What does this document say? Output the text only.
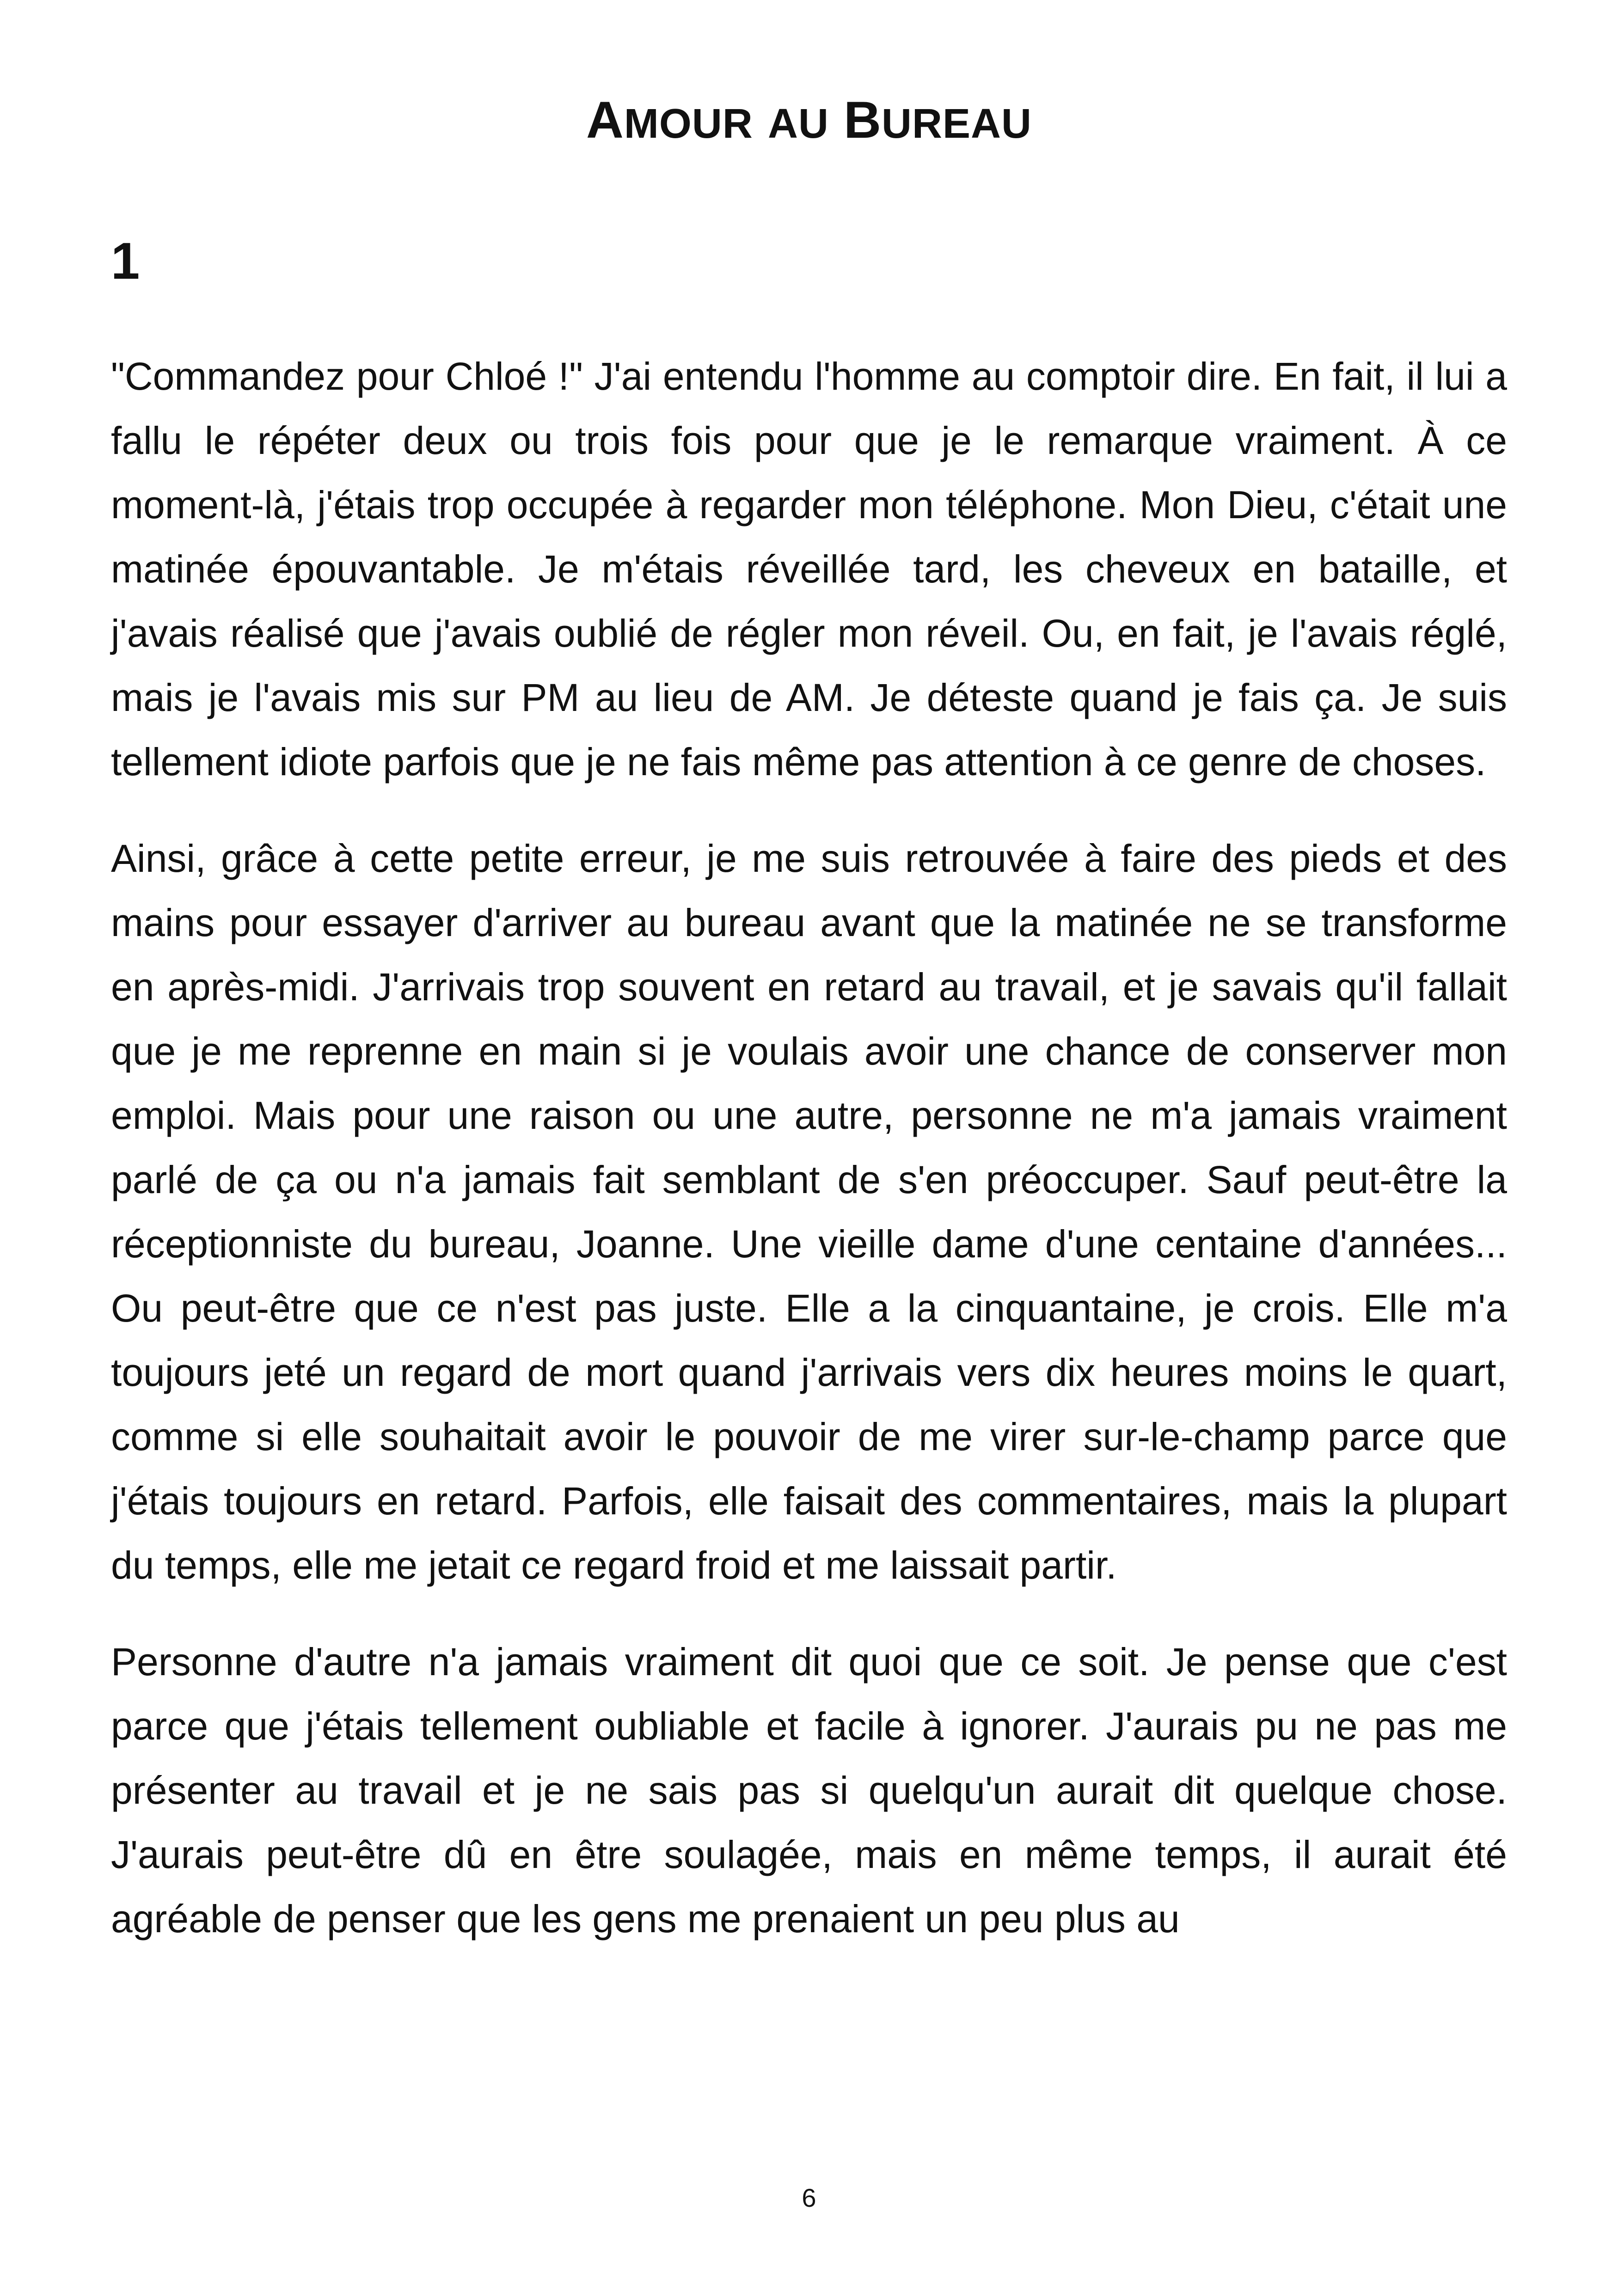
AMOUR AU BUREAU
1

"Commandez pour Chloé !" J'ai entendu l'homme au comptoir dire. En fait, il lui a fallu le répéter deux ou trois fois pour que je le remarque vraiment. À ce moment-là, j'étais trop occupée à regarder mon téléphone. Mon Dieu, c'était une matinée épouvantable. Je m'étais réveillée tard, les cheveux en bataille, et j'avais réalisé que j'avais oublié de régler mon réveil. Ou, en fait, je l'avais réglé, mais je l'avais mis sur PM au lieu de AM. Je déteste quand je fais ça. Je suis tellement idiote parfois que je ne fais même pas attention à ce genre de choses.

Ainsi, grâce à cette petite erreur, je me suis retrouvée à faire des pieds et des mains pour essayer d'arriver au bureau avant que la matinée ne se transforme en après-midi. J'arrivais trop souvent en retard au travail, et je savais qu'il fallait que je me reprenne en main si je voulais avoir une chance de conserver mon emploi. Mais pour une raison ou une autre, personne ne m'a jamais vraiment parlé de ça ou n'a jamais fait semblant de s'en préoccuper. Sauf peut-être la réceptionniste du bureau, Joanne. Une vieille dame d'une centaine d'années... Ou peut-être que ce n'est pas juste. Elle a la cinquantaine, je crois. Elle m'a toujours jeté un regard de mort quand j'arrivais vers dix heures moins le quart, comme si elle souhaitait avoir le pouvoir de me virer sur-le-champ parce que j'étais toujours en retard. Parfois, elle faisait des commentaires, mais la plupart du temps, elle me jetait ce regard froid et me laissait partir.

Personne d'autre n'a jamais vraiment dit quoi que ce soit. Je pense que c'est parce que j'étais tellement oubliable et facile à ignorer. J'aurais pu ne pas me présenter au travail et je ne sais pas si quelqu'un aurait dit quelque chose. J'aurais peut-être dû en être soulagée, mais en même temps, il aurait été agréable de penser que les gens me prenaient un peu plus au

6
